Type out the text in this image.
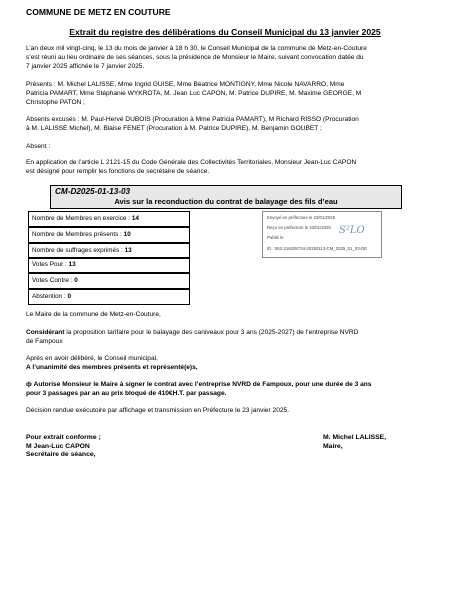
COMMUNE DE METZ EN COUTURE
Extrait du registre des délibérations du Conseil Municipal du 13 janvier 2025
L’an deux mil vingt-cinq, le 13 du mois de janvier à 18 h 30, le Conseil Municipal de la commune de Metz-en-Couture
s’est réuni au lieu ordinaire de ses séances, sous la présidence de Monsieur le Maire, suivant convocation datée du
7 janvier 2025 affichée le 7 janvier 2025.
Présents : M. Michel LALISSE, Mme Ingrid GUISE, Mme Béatrice MONTIGNY, Mme Nicole NAVARRO, Mme
Patricia PAMART, Mme Stéphanie WYKROTA, M. Jean Luc CAPON, M. Patrice DUPIRE, M. Maxime GEORGE, M
Christophe PATON ;
Absents excusés : M. Paul-Hervé DUBOIS (Procuration à Mme Patricia PAMART), M Richard RISSO (Procuration
à M. LALISSE Michel), M. Blaise FENET (Procuration à M. Patrice DUPIRE), M. Benjamin GOUBET ;
Absent :
En application de l’article L 2121-15 du Code Générale des Collectivités Territoriales, Monsieur Jean-Luc CAPON
est désigné pour remplir les fonctions de secrétaire de séance.
CM-D2025-01-13-03
Avis sur la reconduction du contrat de balayage des fils d’eau
Nombre de Membres en exercice : 14
Nombre de Membres présents : 10
Nombre de suffrages exprimés : 13
Votes Pour : 13
Votes Contre : 0
Abstention : 0
Envoyé en préfecture le 23/01/2025
Reçu en préfecture le 23/01/2025
Publié le
ID : 062-216205724-20250113-CM_2025_01_03-DE
S²LO
Le Maire de la commune de Metz-en-Couture,
Considérant la proposition tarifaire pour le balayage des caniveaux pour 3 ans (2025-2027) de l’entreprise NVRD
de Fampoux
Après en avoir délibéré, le Conseil municipal,
A l’unanimité des membres présents et représenté(e)s,
ф Autorise Monsieur le Maire à signer le contrat avec l’entreprise NVRD de Fampoux, pour une durée de 3 ans
pour 3 passages par an au prix bloqué de 410€H.T. par passage.
Décision rendue exécutoire par affichage et transmission en Préfecture le 23 janvier 2025.
Pour extrait conforme ;
M Jean-Luc CAPON
Secrétaire de séance,
M. Michel LALISSE,
Maire,
